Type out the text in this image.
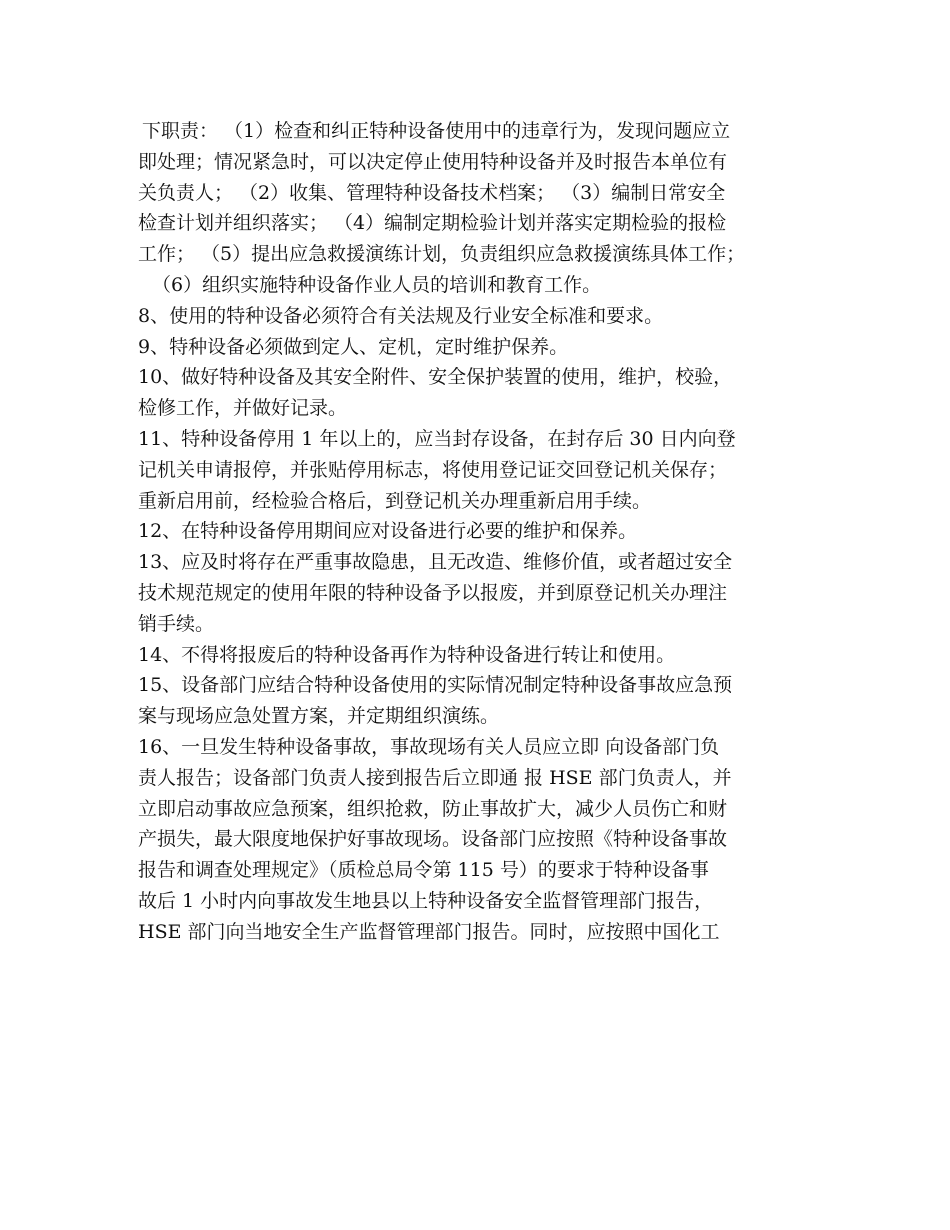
下职责： （1）检查和纠正特种设备使用中的违章行为，发现问题应立
即处理；情况紧急时，可以决定停止使用特种设备并及时报告本单位有
关负责人； （2）收集、管理特种设备技术档案； （3）编制日常安全
检查计划并组织落实； （4）编制定期检验计划并落实定期检验的报检
工作； （5）提出应急救援演练计划，负责组织应急救援演练具体工作；
（6）组织实施特种设备作业人员的培训和教育工作。
8、使用的特种设备必须符合有关法规及行业安全标准和要求。
9、特种设备必须做到定人、定机，定时维护保养。
10、做好特种设备及其安全附件、安全保护装置的使用，维护，校验，
检修工作，并做好记录。
11、特种设备停用 1 年以上的，应当封存设备，在封存后 30 日内向登
记机关申请报停，并张贴停用标志，将使用登记证交回登记机关保存；
重新启用前，经检验合格后，到登记机关办理重新启用手续。
12、在特种设备停用期间应对设备进行必要的维护和保养。
13、应及时将存在严重事故隐患，且无改造、维修价值，或者超过安全
技术规范规定的使用年限的特种设备予以报废，并到原登记机关办理注
销手续。
14、不得将报废后的特种设备再作为特种设备进行转让和使用。
15、设备部门应结合特种设备使用的实际情况制定特种设备事故应急预
案与现场应急处置方案，并定期组织演练。
16、一旦发生特种设备事故，事故现场有关人员应立即 向设备部门负
责人报告；设备部门负责人接到报告后立即通 报 HSE 部门负责人，并
立即启动事故应急预案，组织抢救，防止事故扩大，减少人员伤亡和财
产损失，最大限度地保护好事故现场。设备部门应按照《特种设备事故
报告和调查处理规定》（质检总局令第 115 号）的要求于特种设备事
故后 1 小时内向事故发生地县以上特种设备安全监督管理部门报告，
HSE 部门向当地安全生产监督管理部门报告。同时，应按照中国化工
